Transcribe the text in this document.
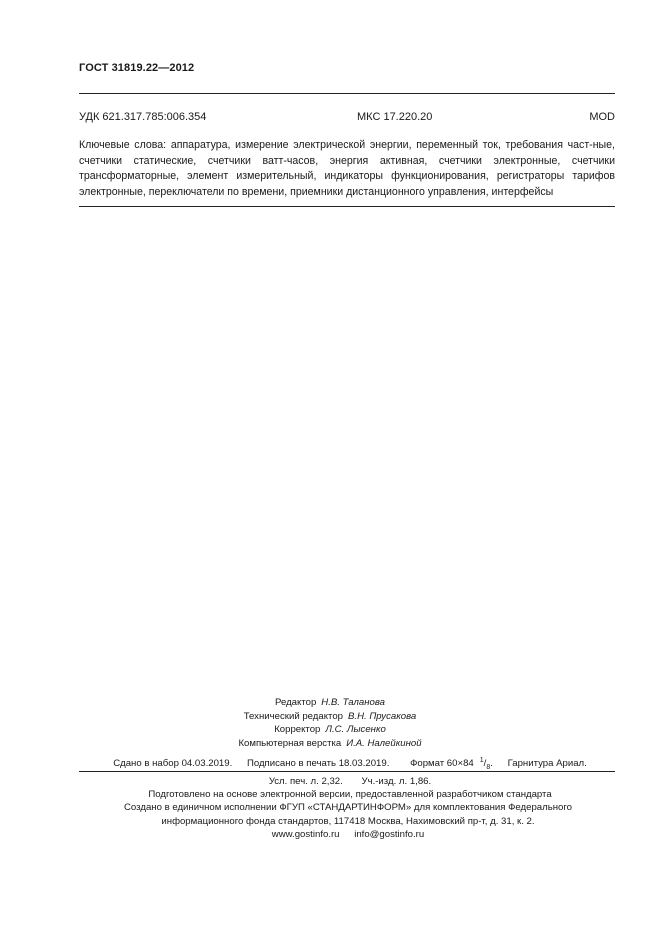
ГОСТ 31819.22—2012
УДК 621.317.785:006.354	МКС 17.220.20	MOD
Ключевые слова: аппаратура, измерение электрической энергии, переменный ток, требования част-ные, счетчики статические, счетчики ватт-часов, энергия активная, счетчики электронные, счетчики трансформаторные, элемент измерительный, индикаторы функционирования, регистраторы тарифов электронные, переключатели по времени, приемники дистанционного управления, интерфейсы
Редактор Н.В. Таланова
Технический редактор В.Н. Прусакова
Корректор Л.С. Лысенко
Компьютерная верстка И.А. Налейкиной
Сдано в набор 04.03.2019. Подписано в печать 18.03.2019. Формат 60×84 $^1/_8$. Гарнитура Ариал.
Усл. печ. л. 2,32. Уч.-изд. л. 1,86.
Подготовлено на основе электронной версии, предоставленной разработчиком стандарта
Создано в единичном исполнении ФГУП «СТАНДАРТИНФОРМ» для комплектования Федерального
информационного фонда стандартов, 117418 Москва, Нахимовский пр-т, д. 31, к. 2.
www.gostinfo.ru info@gostinfo.ru
